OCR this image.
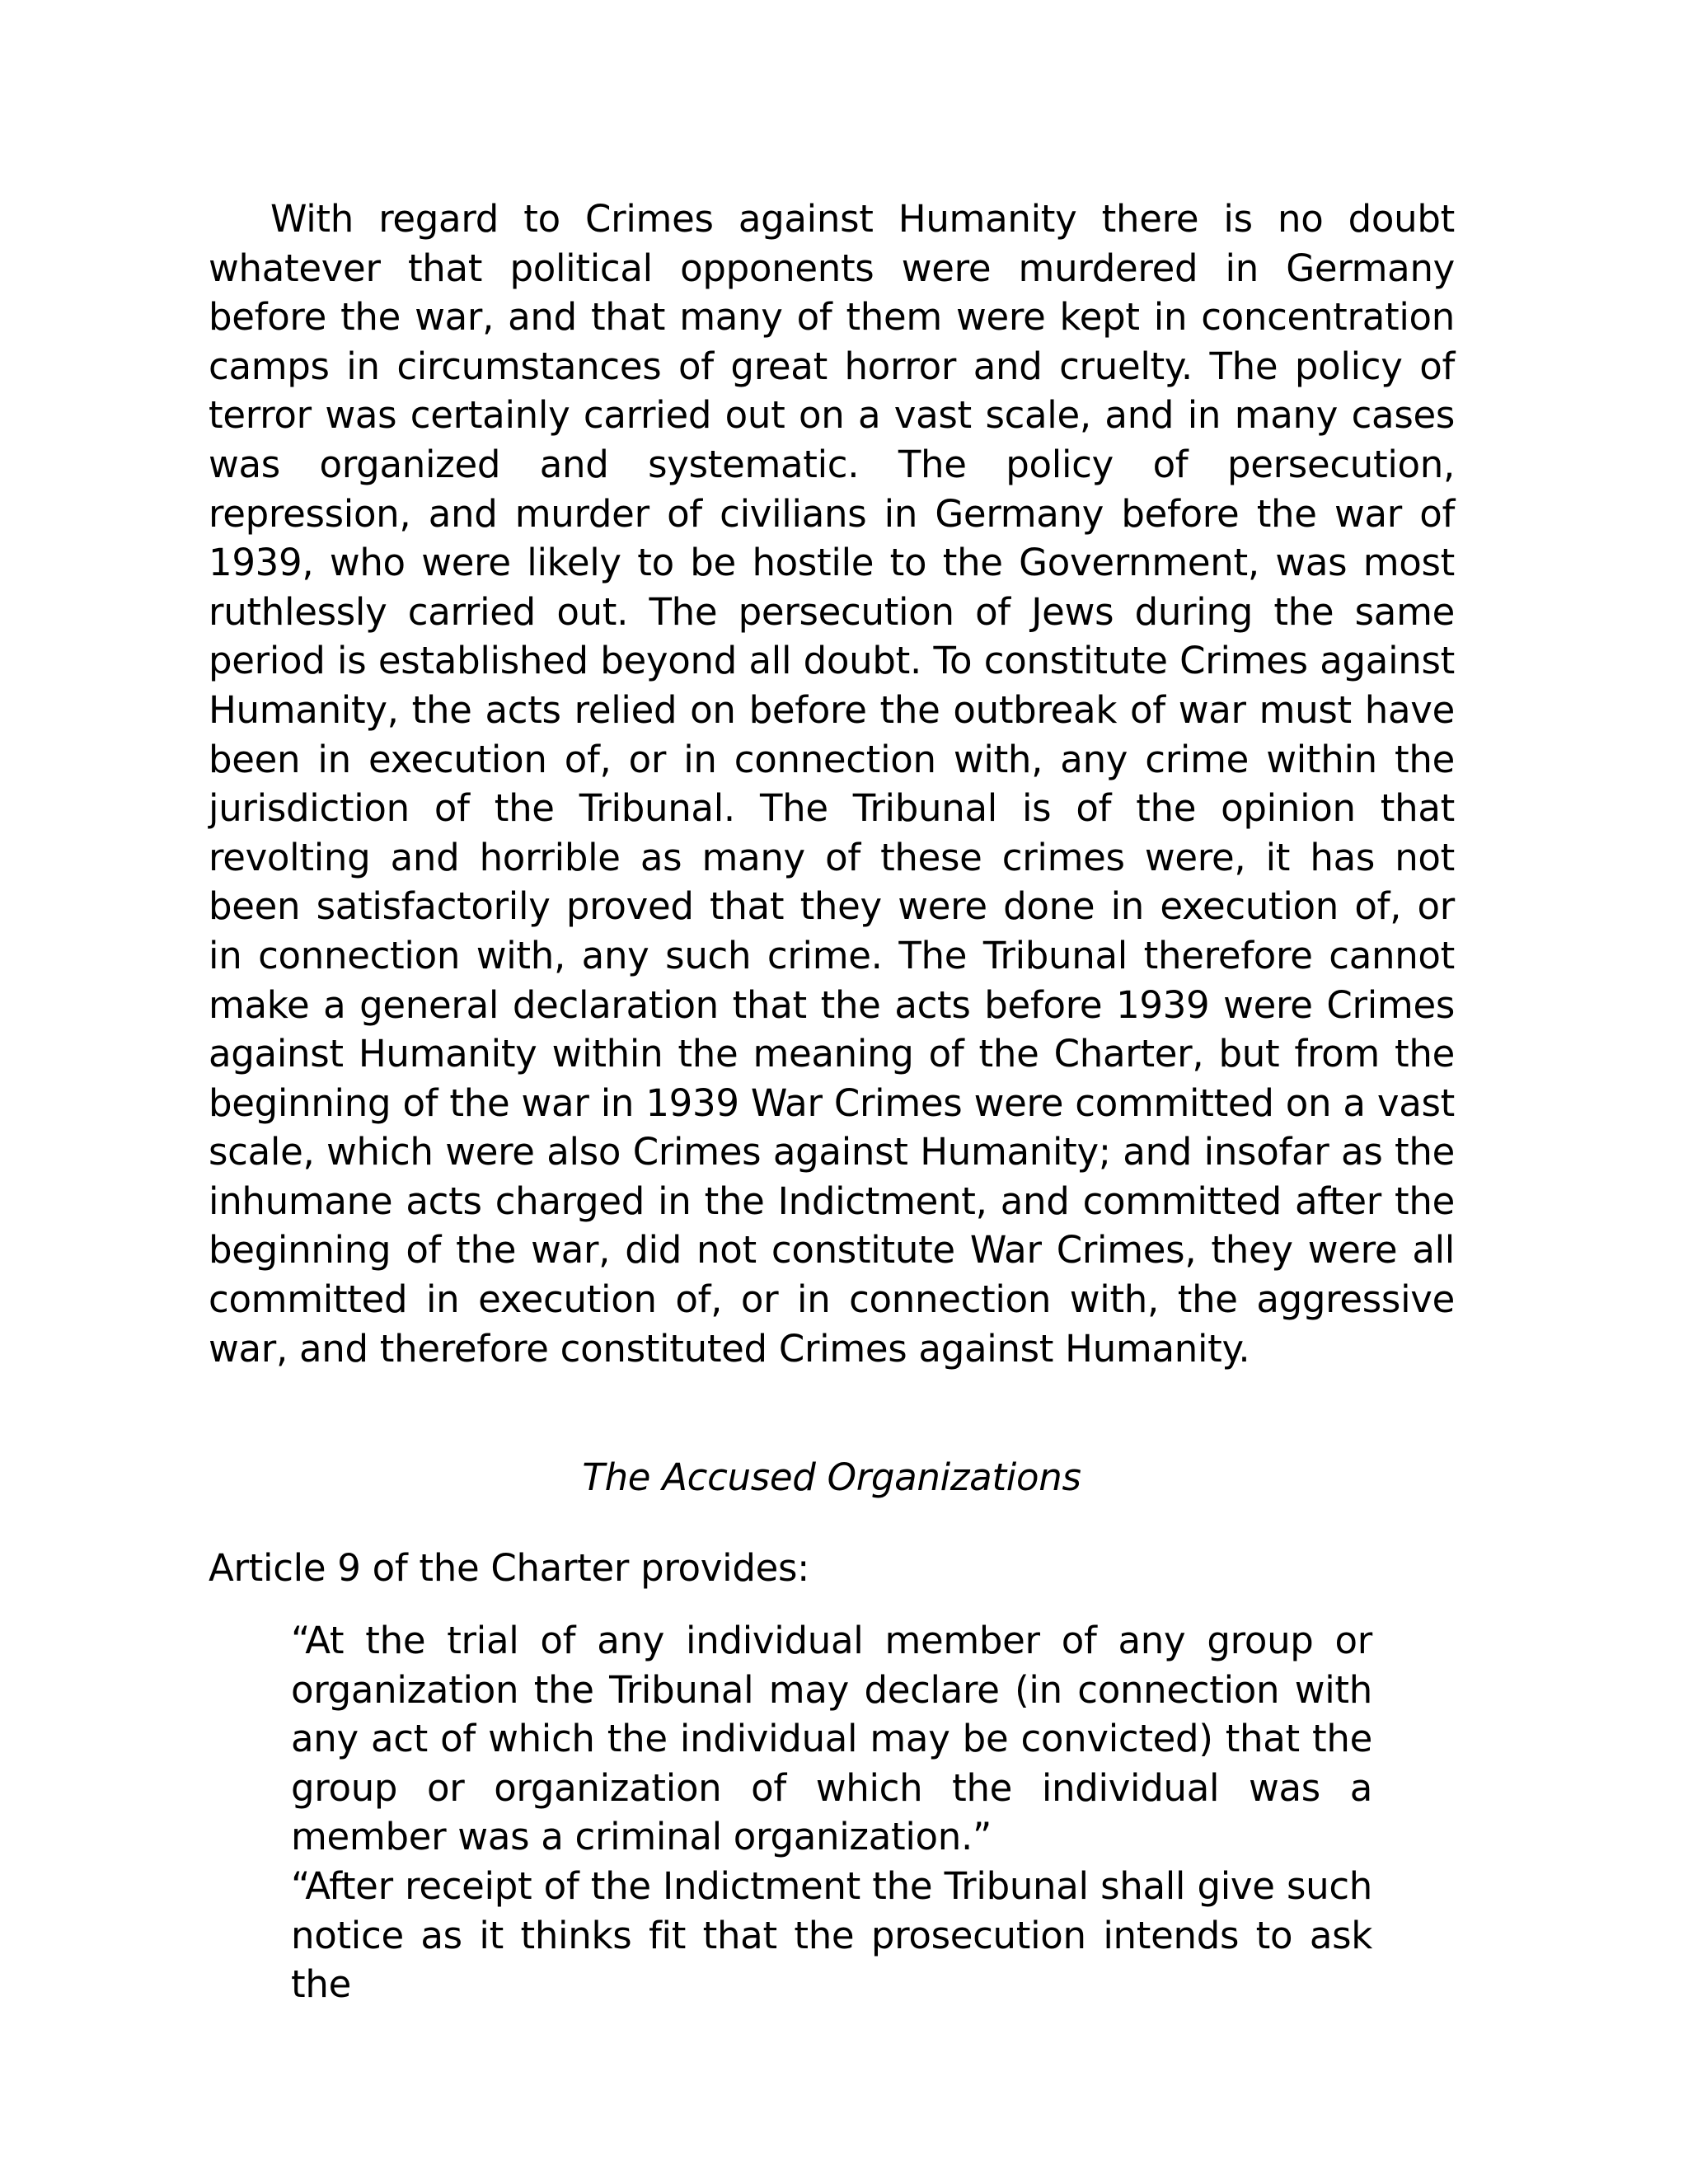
With regard to Crimes against Humanity there is no doubt whatever that political opponents were murdered in Germany before the war, and that many of them were kept in concentration camps in circumstances of great horror and cruelty. The policy of terror was certainly carried out on a vast scale, and in many cases was organized and systematic. The policy of persecution, repression, and murder of civilians in Germany before the war of 1939, who were likely to be hostile to the Government, was most ruthlessly carried out. The persecution of Jews during the same period is established beyond all doubt. To constitute Crimes against Humanity, the acts relied on before the outbreak of war must have been in execution of, or in connection with, any crime within the jurisdiction of the Tribunal. The Tribunal is of the opinion that revolting and horrible as many of these crimes were, it has not been satisfactorily proved that they were done in execution of, or in connection with, any such crime. The Tribunal therefore cannot make a general declaration that the acts before 1939 were Crimes against Humanity within the meaning of the Charter, but from the beginning of the war in 1939 War Crimes were committed on a vast scale, which were also Crimes against Humanity; and insofar as the inhumane acts charged in the Indictment, and committed after the beginning of the war, did not constitute War Crimes, they were all committed in execution of, or in connection with, the aggressive war, and therefore constituted Crimes against Humanity.

The Accused Organizations

Article 9 of the Charter provides:

“At the trial of any individual member of any group or organization the Tribunal may declare (in connection with any act of which the individual may be convicted) that the group or organization of which the individual was a member was a criminal organization.”

“After receipt of the Indictment the Tribunal shall give such notice as it thinks fit that the prosecution intends to ask the
